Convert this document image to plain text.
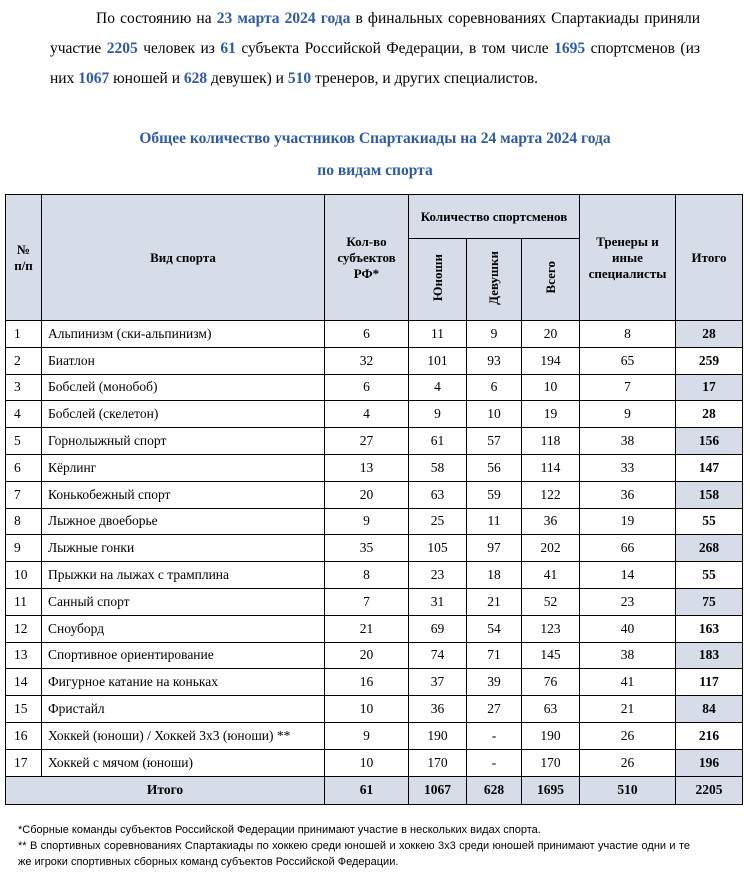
По состоянию на 23 марта 2024 года в финальных соревнованиях Спартакиады приняли участие 2205 человек из 61 субъекта Российской Федерации, в том числе 1695 спортсменов (из них 1067 юношей и 628 девушек) и 510 тренеров, и других специалистов.

Общее количество участников Спартакиады на 24 марта 2024 года
по видам спорта
№ п/п	Вид спорта	Кол-во субъектов РФ*	Количество спортсменов			Тренеры и иные специалисты	Итого
			Юноши	Девушки	Всего		
1	Альпинизм (ски-альпинизм)	6	11	9	20	8	28
2	Биатлон	32	101	93	194	65	259
3	Бобслей (монобоб)	6	4	6	10	7	17
4	Бобслей (скелетон)	4	9	10	19	9	28
5	Горнолыжный спорт	27	61	57	118	38	156
6	Кёрлинг	13	58	56	114	33	147
7	Конькобежный спорт	20	63	59	122	36	158
8	Лыжное двоеборье	9	25	11	36	19	55
9	Лыжные гонки	35	105	97	202	66	268
10	Прыжки на лыжах с трамплина	8	23	18	41	14	55
11	Санный спорт	7	31	21	52	23	75
12	Сноуборд	21	69	54	123	40	163
13	Спортивное ориентирование	20	74	71	145	38	183
14	Фигурное катание на коньках	16	37	39	76	41	117
15	Фристайл	10	36	27	63	21	84
16	Хоккей (юноши) / Хоккей 3х3 (юноши) **	9	190	-	190	26	216
17	Хоккей с мячом (юноши)	10	170	-	170	26	196
Итого		61	1067	628	1695	510	2205

*Сборные команды субъектов Российской Федерации принимают участие в нескольких видах спорта.

** В спортивных соревнованиях Спартакиады по хоккею среди юношей и хоккею 3х3 среди юношей принимают участие одни и те же игроки спортивных сборных команд субъектов Российской Федерации.
